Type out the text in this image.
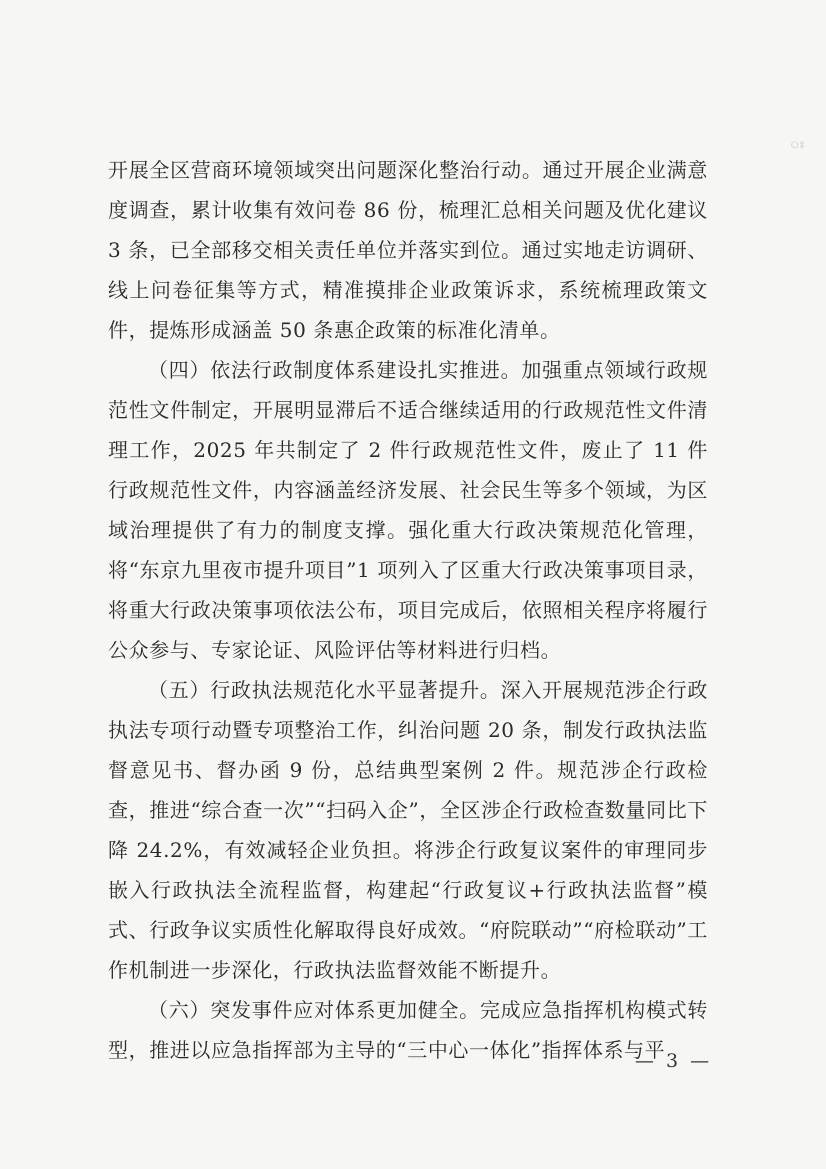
ঃ

开展全区营商环境领域突出问题深化整治行动。通过开展企业满意度调查，累计收集有效问卷 86 份，梳理汇总相关问题及优化建议 3 条，已全部移交相关责任单位并落实到位。通过实地走访调研、线上问卷征集等方式，精准摸排企业政策诉求，系统梳理政策文件，提炼形成涵盖 50 条惠企政策的标准化清单。

（四）依法行政制度体系建设扎实推进。加强重点领域行政规范性文件制定，开展明显滞后不适合继续适用的行政规范性文件清理工作，2025 年共制定了 2 件行政规范性文件，废止了 11 件行政规范性文件，内容涵盖经济发展、社会民生等多个领域，为区域治理提供了有力的制度支撑。强化重大行政决策规范化管理，将“东京九里夜市提升项目”1 项列入了区重大行政决策事项目录，将重大行政决策事项依法公布，项目完成后，依照相关程序将履行公众参与、专家论证、风险评估等材料进行归档。

（五）行政执法规范化水平显著提升。深入开展规范涉企行政执法专项行动暨专项整治工作，纠治问题 20 条，制发行政执法监督意见书、督办函 9 份，总结典型案例 2 件。规范涉企行政检查，推进“综合查一次”“扫码入企”，全区涉企行政检查数量同比下降 24.2%，有效减轻企业负担。将涉企行政复议案件的审理同步嵌入行政执法全流程监督，构建起“行政复议+行政执法监督”模式、行政争议实质性化解取得良好成效。“府院联动”“府检联动”工作机制进一步深化，行政执法监督效能不断提升。

（六）突发事件应对体系更加健全。完成应急指挥机构模式转型，推进以应急指挥部为主导的“三中心一体化”指挥体系与平

— 3 —
